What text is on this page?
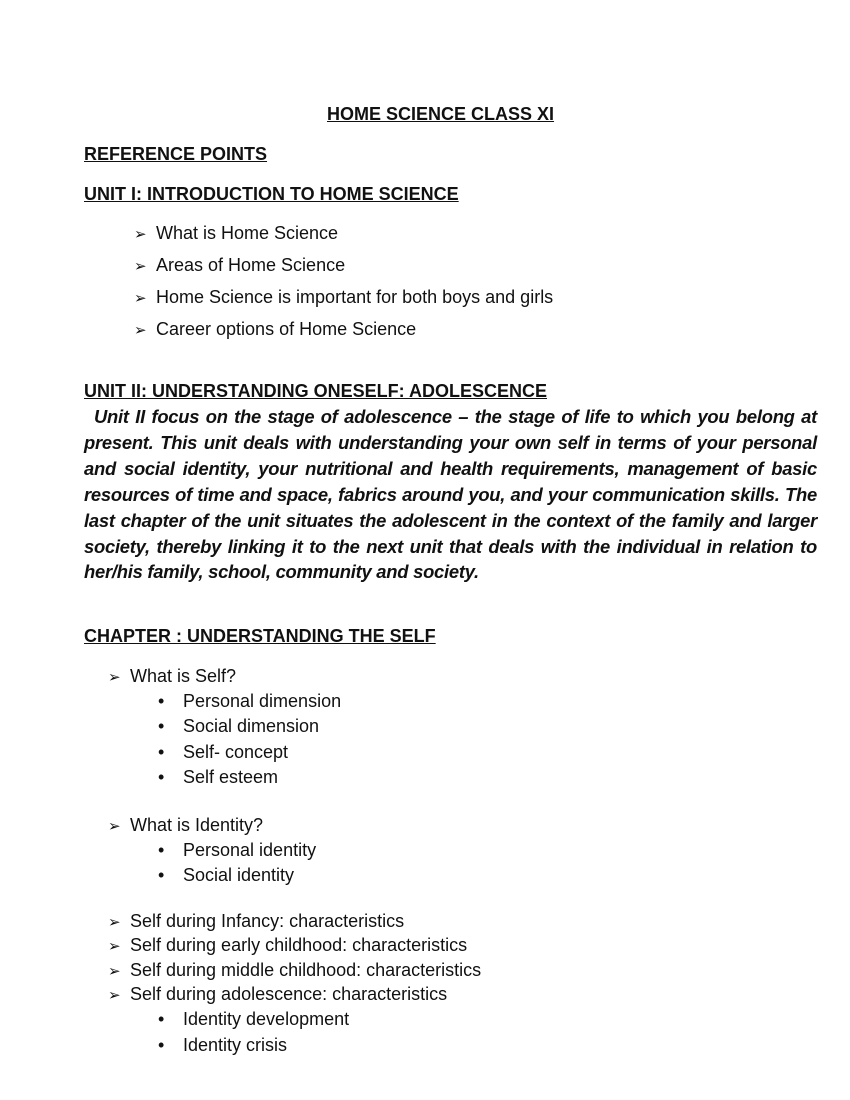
HOME SCIENCE CLASS XI
REFERENCE POINTS
UNIT I: INTRODUCTION TO HOME SCIENCE
➢ What is Home Science
➢ Areas of Home Science
➢ Home Science is important for both boys and girls
➢ Career options of Home Science
UNIT II: UNDERSTANDING ONESELF: ADOLESCENCE
Unit II focus on the stage of adolescence – the stage of life to which you belong at present. This unit deals with understanding your own self in terms of your personal and social identity, your nutritional and health requirements, management of basic resources of time and space, fabrics around you, and your communication skills. The last chapter of the unit situates the adolescent in the context of the family and larger society, thereby linking it to the next unit that deals with the individual in relation to her/his family, school, community and society.
CHAPTER : UNDERSTANDING THE SELF
➢ What is Self?
• Personal dimension
• Social dimension
• Self- concept
• Self esteem
➢ What is Identity?
• Personal identity
• Social identity
➢ Self during Infancy: characteristics
➢ Self during early childhood: characteristics
➢ Self during middle childhood: characteristics
➢ Self during adolescence: characteristics
• Identity development
• Identity crisis
